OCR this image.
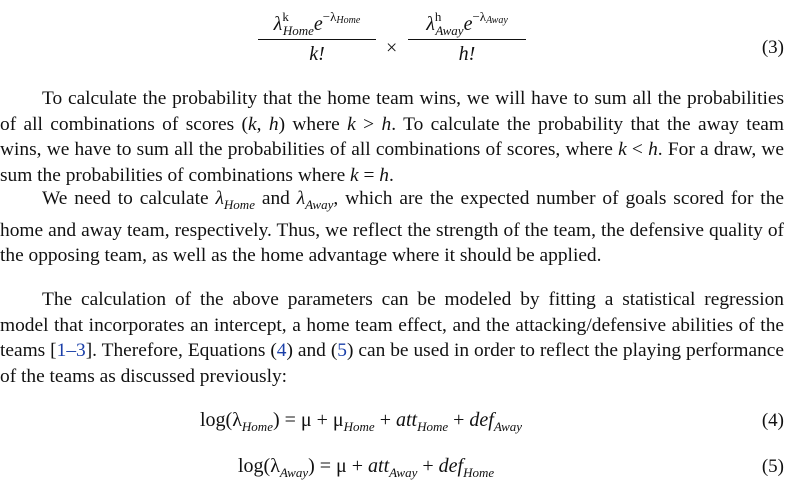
$\lambda^k_{Home}e^{-\lambda Home}$
k!	×
$\lambda^h_{Away}e^{-\lambda Away}$
h!	(3)
To calculate the probability that the home team wins, we will have to sum all the probabilities of all combinations of scores (k, h) where k > h. To calculate the probability that the away team wins, we have to sum all the probabilities of all combinations of scores, where k < h. For a draw, we sum the probabilities of combinations where k = h.
We need to calculate $\lambda_{Home}$ and $\lambda_{Away}$, which are the expected number of goals scored for the home and away team, respectively. Thus, we reflect the strength of the team, the defensive quality of the opposing team, as well as the home advantage where it should be applied.
The calculation of the above parameters can be modeled by fitting a statistical regression model that incorporates an intercept, a home team effect, and the attacking/defensive abilities of the teams [1–3]. Therefore, Equations (4) and (5) can be used in order to reflect the playing performance of the teams as discussed previously:
$\log(\lambda_{Home}) = \mu + \mu_{Home} + att_{Home} + def_{Away}$	(4)
$\log(\lambda_{Away}) = \mu + att_{Away} + def_{Home}$	(5)
